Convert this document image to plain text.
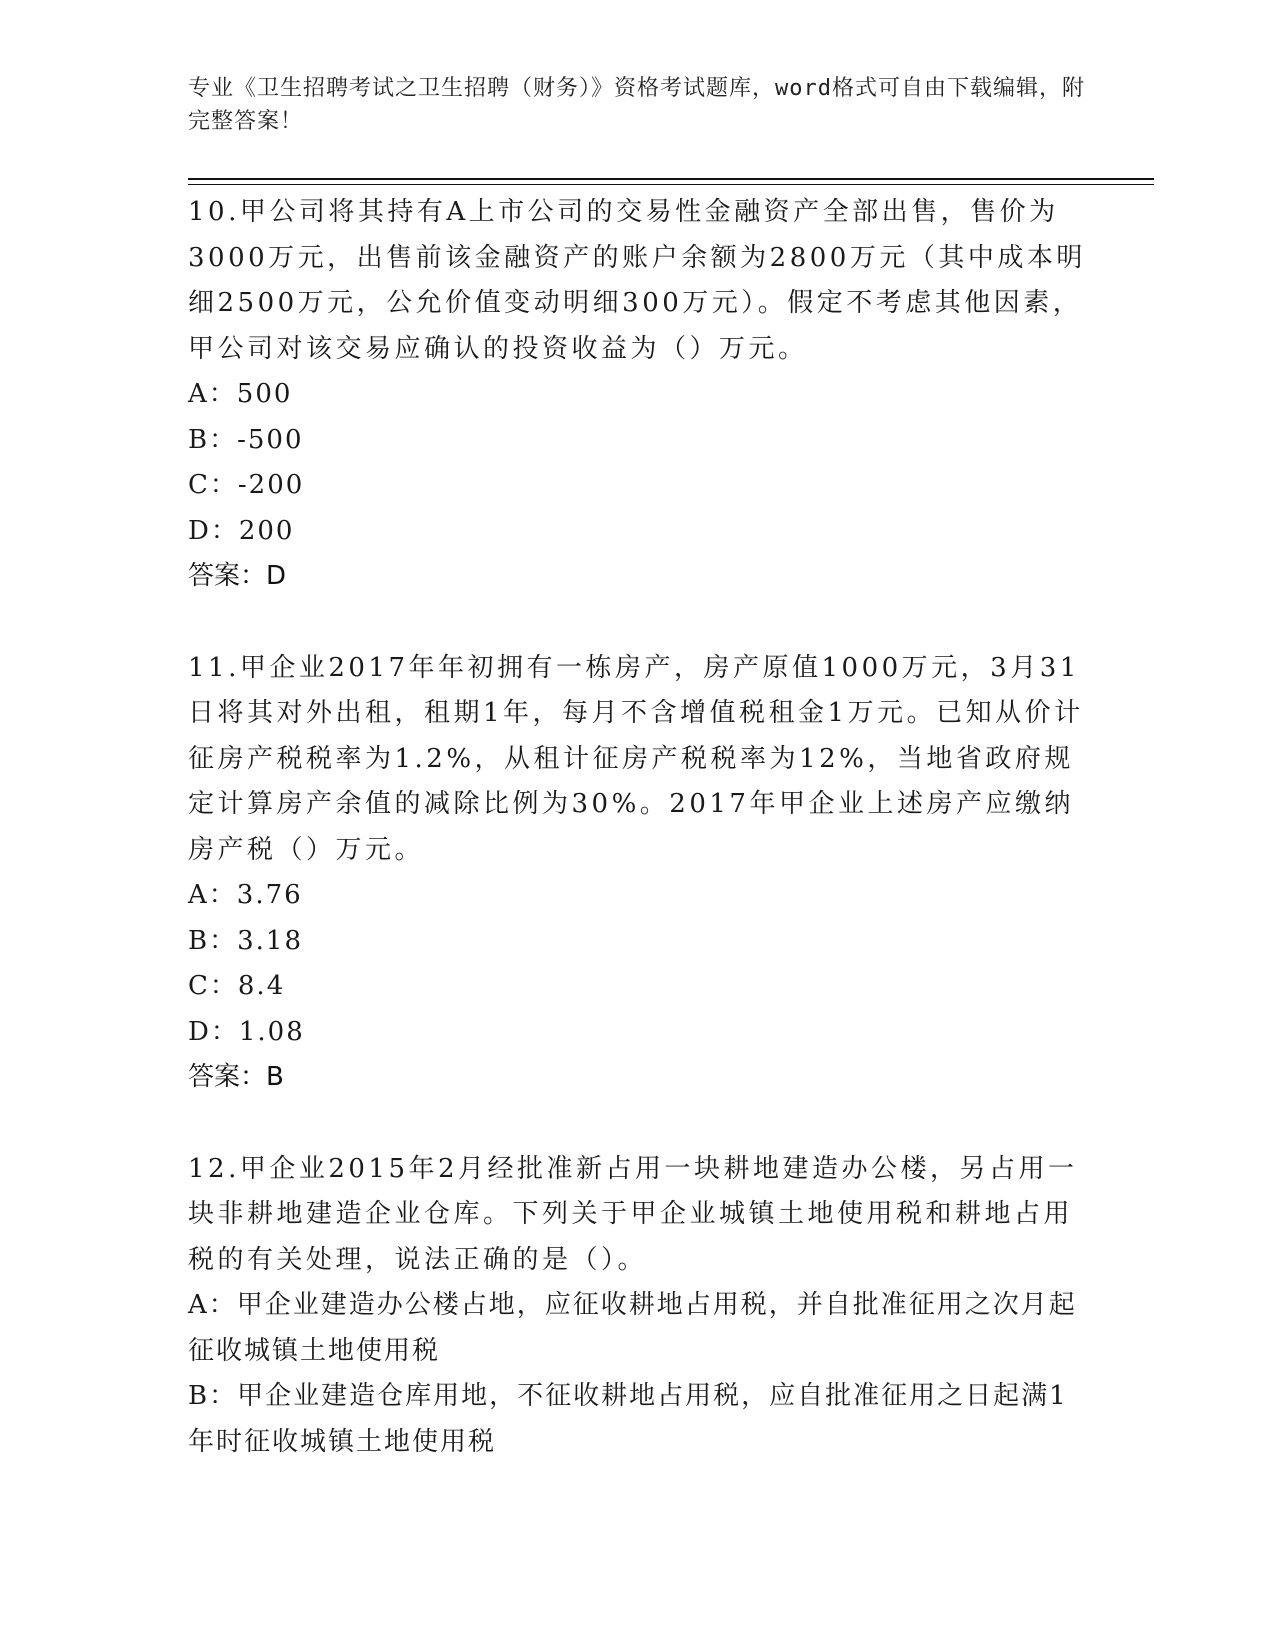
专业《卫生招聘考试之卫生招聘（财务）》资格考试题库，word格式可自由下载编辑，附完整答案！

10.甲公司将其持有A上市公司的交易性金融资产全部出售，售价为3000万元，出售前该金融资产的账户余额为2800万元（其中成本明细2500万元，公允价值变动明细300万元）。假定不考虑其他因素，甲公司对该交易应确认的投资收益为（）万元。

A：500

B：-500

C：-200

D：200

答案：D

11.甲企业2017年年初拥有一栋房产，房产原值1000万元，3月31日将其对外出租，租期1年，每月不含增值税租金1万元。已知从价计征房产税税率为1.2%，从租计征房产税税率为12%，当地省政府规定计算房产余值的减除比例为30%。2017年甲企业上述房产应缴纳房产税（）万元。

A：3.76

B：3.18

C：8.4

D：1.08

答案：B

12.甲企业2015年2月经批准新占用一块耕地建造办公楼，另占用一块非耕地建造企业仓库。下列关于甲企业城镇土地使用税和耕地占用税的有关处理，说法正确的是（）。

A：甲企业建造办公楼占地，应征收耕地占用税，并自批准征用之次月起征收城镇土地使用税

B：甲企业建造仓库用地，不征收耕地占用税，应自批准征用之日起满1年时征收城镇土地使用税
